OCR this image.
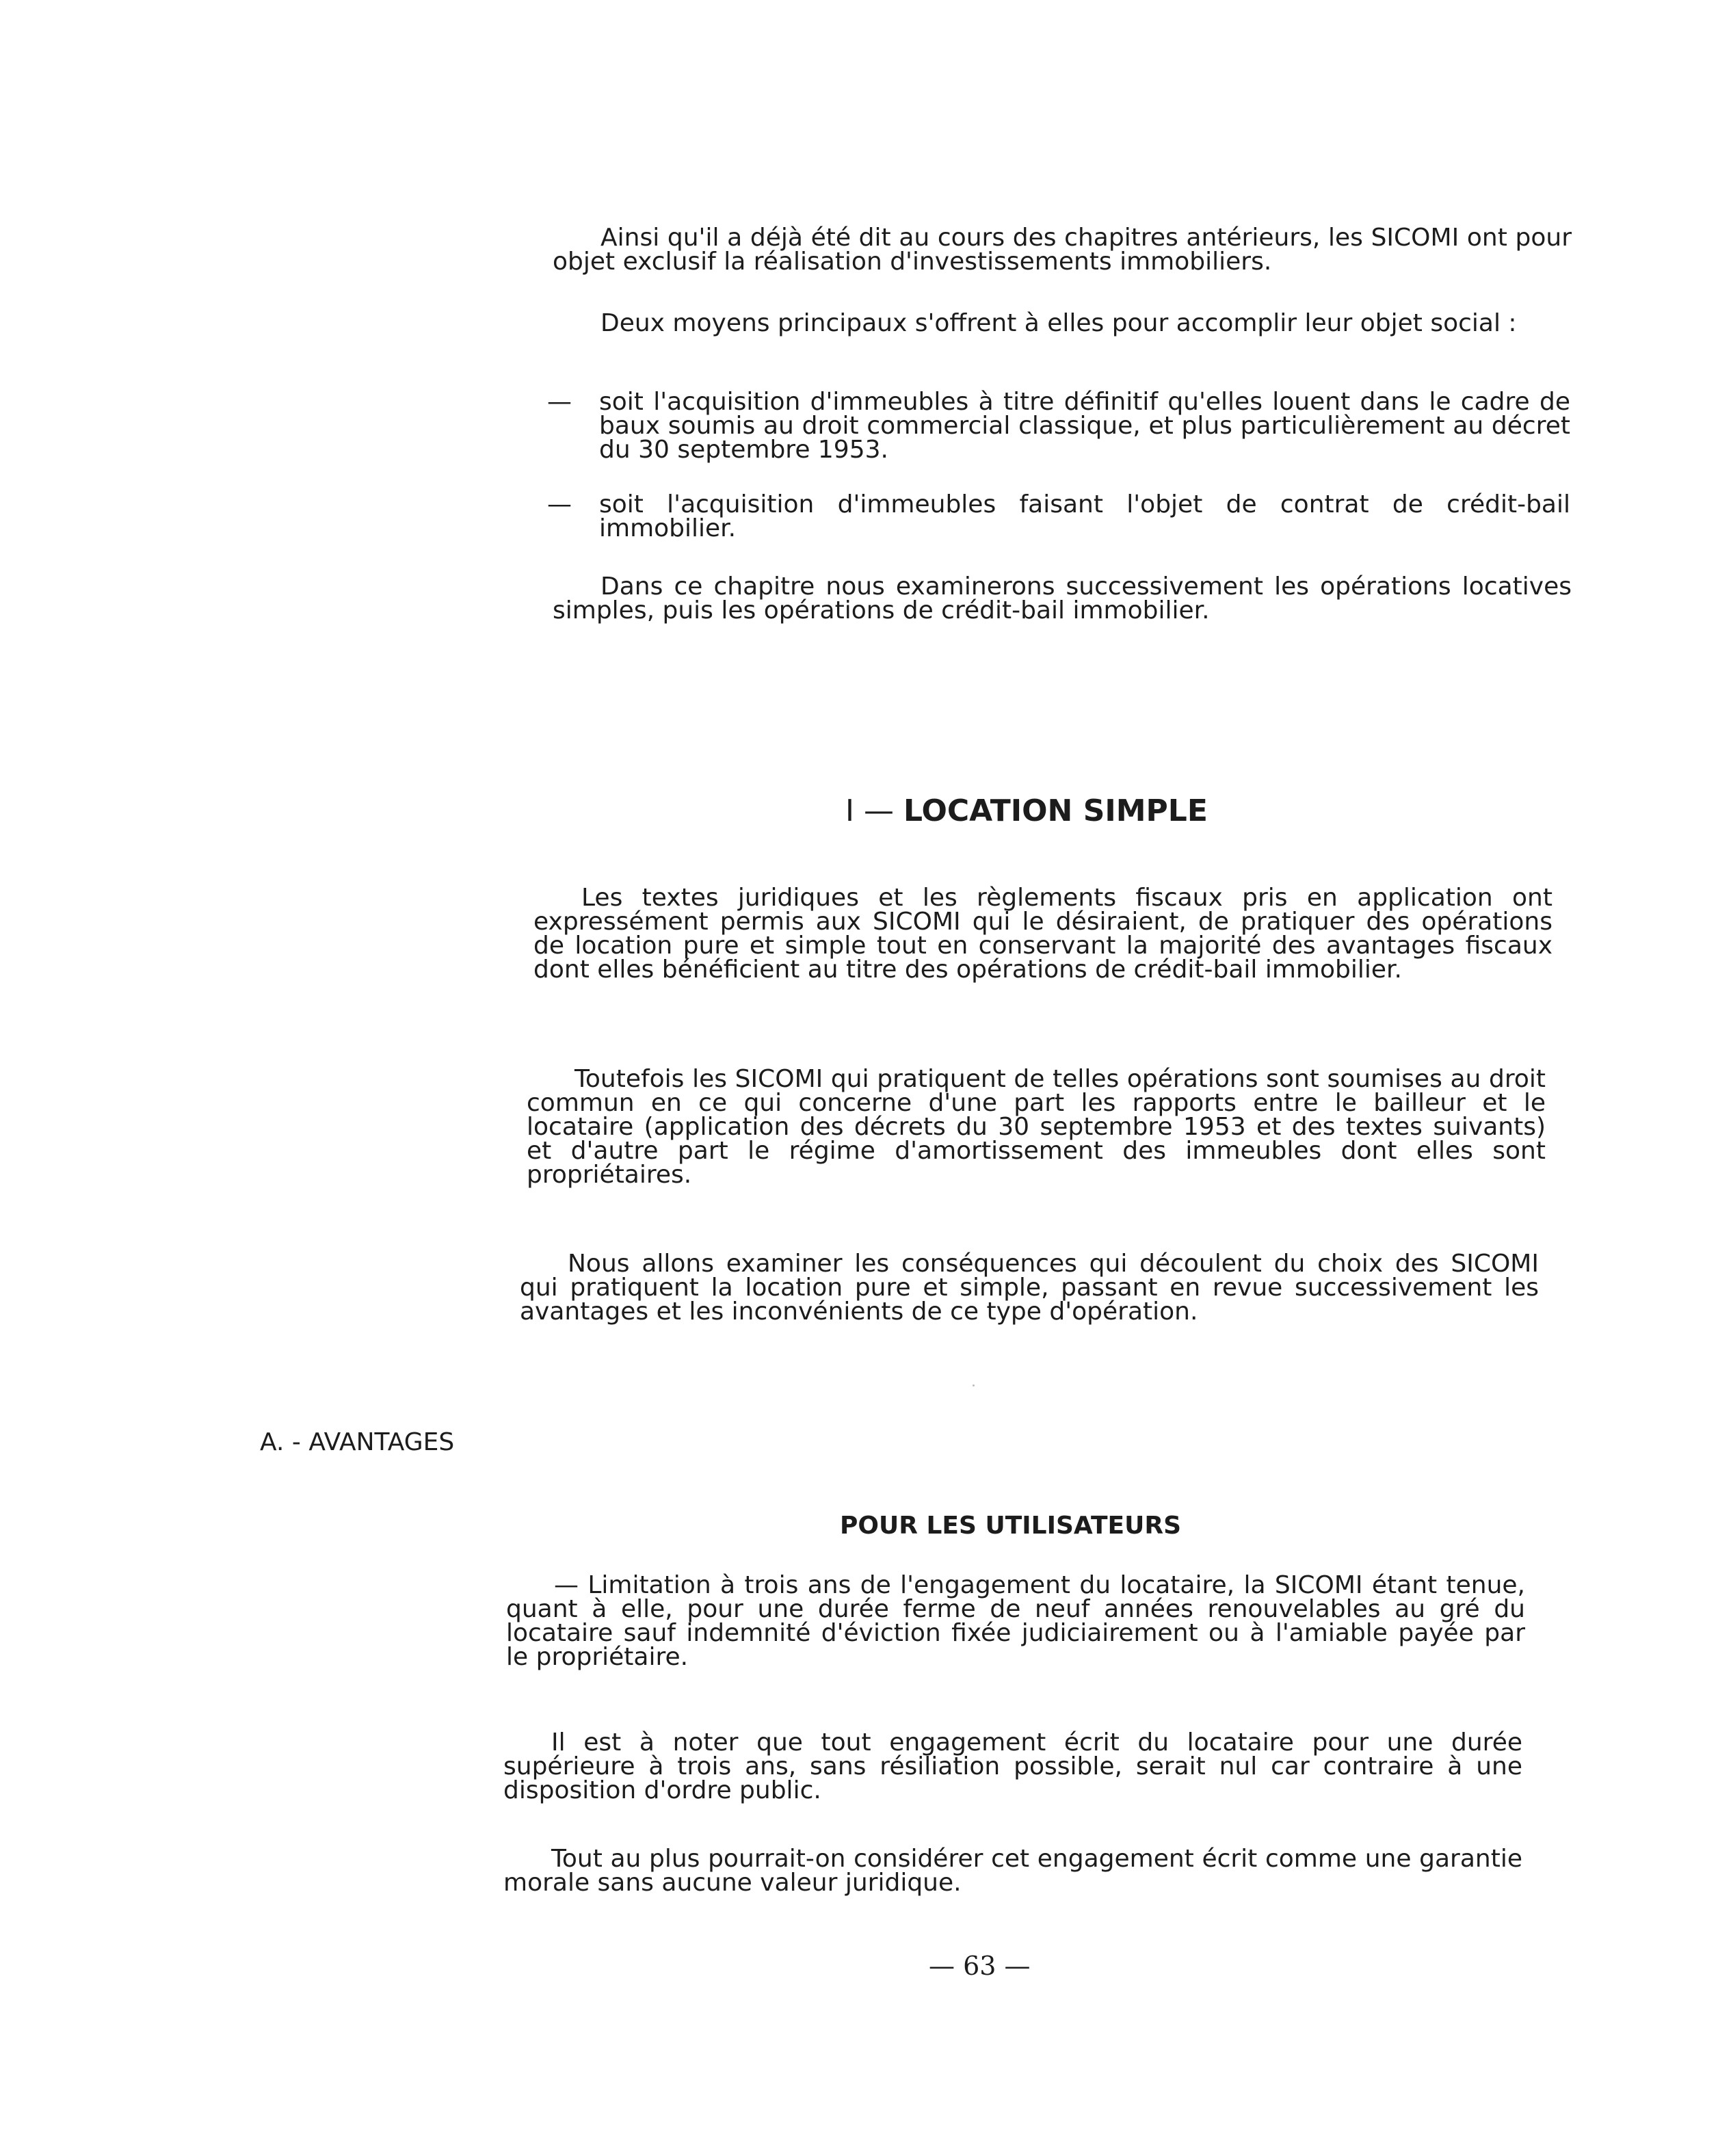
Ainsi qu'il a déjà été dit au cours des chapitres antérieurs, les SICOMI ont pour objet exclusif la réalisation d'investissements immobiliers.

Deux moyens principaux s'offrent à elles pour accomplir leur objet social :

— soit l'acquisition d'immeubles à titre définitif qu'elles louent dans le cadre de baux soumis au droit commercial classique, et plus particulièrement au décret du 30 septembre 1953.

— soit l'acquisition d'immeubles faisant l'objet de contrat de crédit-bail immobilier.

Dans ce chapitre nous examinerons successivement les opérations locatives simples, puis les opérations de crédit-bail immobilier.

I — LOCATION SIMPLE

Les textes juridiques et les règlements fiscaux pris en application ont expressément permis aux SICOMI qui le désiraient, de pratiquer des opérations de location pure et simple tout en conservant la majorité des avantages fiscaux dont elles bénéficient au titre des opérations de crédit-bail immobilier.

Toutefois les SICOMI qui pratiquent de telles opérations sont soumises au droit commun en ce qui concerne d'une part les rapports entre le bailleur et le locataire (application des décrets du 30 septembre 1953 et des textes suivants) et d'autre part le régime d'amortissement des immeubles dont elles sont propriétaires.

Nous allons examiner les conséquences qui découlent du choix des SICOMI qui pratiquent la location pure et simple, passant en revue successivement les avantages et les inconvénients de ce type d'opération.

A. - AVANTAGES
POUR LES UTILISATEURS

— Limitation à trois ans de l'engagement du locataire, la SICOMI étant tenue, quant à elle, pour une durée ferme de neuf années renouvelables au gré du locataire sauf indemnité d'éviction fixée judiciairement ou à l'amiable payée par le propriétaire.

Il est à noter que tout engagement écrit du locataire pour une durée supérieure à trois ans, sans résiliation possible, serait nul car contraire à une disposition d'ordre public.

Tout au plus pourrait-on considérer cet engagement écrit comme une garantie morale sans aucune valeur juridique.

— 63 —
